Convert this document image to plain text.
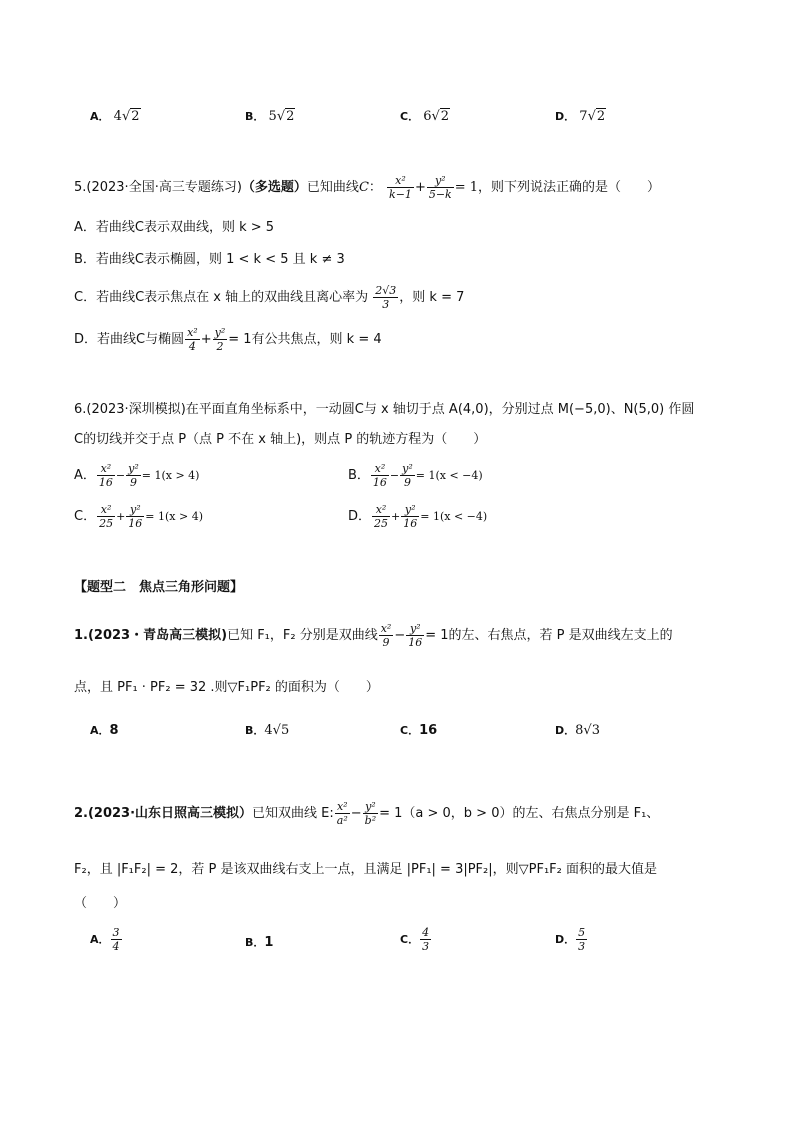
A． 4√2	B． 5√2	C． 6√2	D． 7√2
5.(2023·全国·高三专题练习)（多选题）已知曲线C： $\frac{\text{x²}}{k-1} + \frac{\text{y²}}{5-k} = 1$，则下列说法正确的是（　　）
A．若曲线C表示双曲线，则 k > 5
B．若曲线C表示椭圆，则 1 < k < 5 且 k ≠ 3
C．若曲线C表示焦点在 x 轴上的双曲线且离心率为 $\frac{2√3}{3}$ ，则 k = 7
D．若曲线C与椭圆 $\frac{\text{x²}}{4} + \frac{\text{y²}}{2} = 1$有公共焦点，则 k = 4
6.(2023·深圳模拟)在平面直角坐标系中，一动圆C与 x 轴切于点 A(4,0)，分别过点 M(−5,0)、N(5,0) 作圆
C的切线并交于点 P（点 P 不在 x 轴上)，则点 P 的轨迹方程为（　　）
A． $\frac{\text{x²}}{16} - \frac{\text{y²}}{9} = 1(x > 4)$	B． $\frac{\text{x²}}{16} - \frac{\text{y²}}{9} = 1(x < -4)$
C． $\frac{\text{x²}}{25} + \frac{\text{y²}}{16} = 1(x > 4)$	D． $\frac{\text{x²}}{25} + \frac{\text{y²}}{16} = 1(x < -4)$
【题型二　焦点三角形问题】
1.(2023・青岛高三模拟)已知 F₁，F₂ 分别是双曲线 $\frac{\text{x²}}{9} - \frac{\text{y²}}{16} = 1$的左、右焦点，若 P 是双曲线左支上的
点，且 PF₁ · PF₂ = 32 .则▽F₁PF₂ 的面积为（　　）
A．8	B．4√5	C．16	D．8√3
2.(2023·山东日照高三模拟）已知双曲线 E: $\frac{\text{x²}}{\text{a²}} - \frac{\text{y²}}{\text{b²}} = 1(a > 0$，b > 0）的左、右焦点分别是 F₁、
F₂，且 |F₁F₂| = 2，若 P 是该双曲线右支上一点，且满足 |PF₁| = 3|PF₂|，则▽PF₁F₂ 面积的最大值是
（　　）
A． $\frac{3}{4}$	B．1	C． $\frac{4}{3}$	D． $\frac{5}{3}$
